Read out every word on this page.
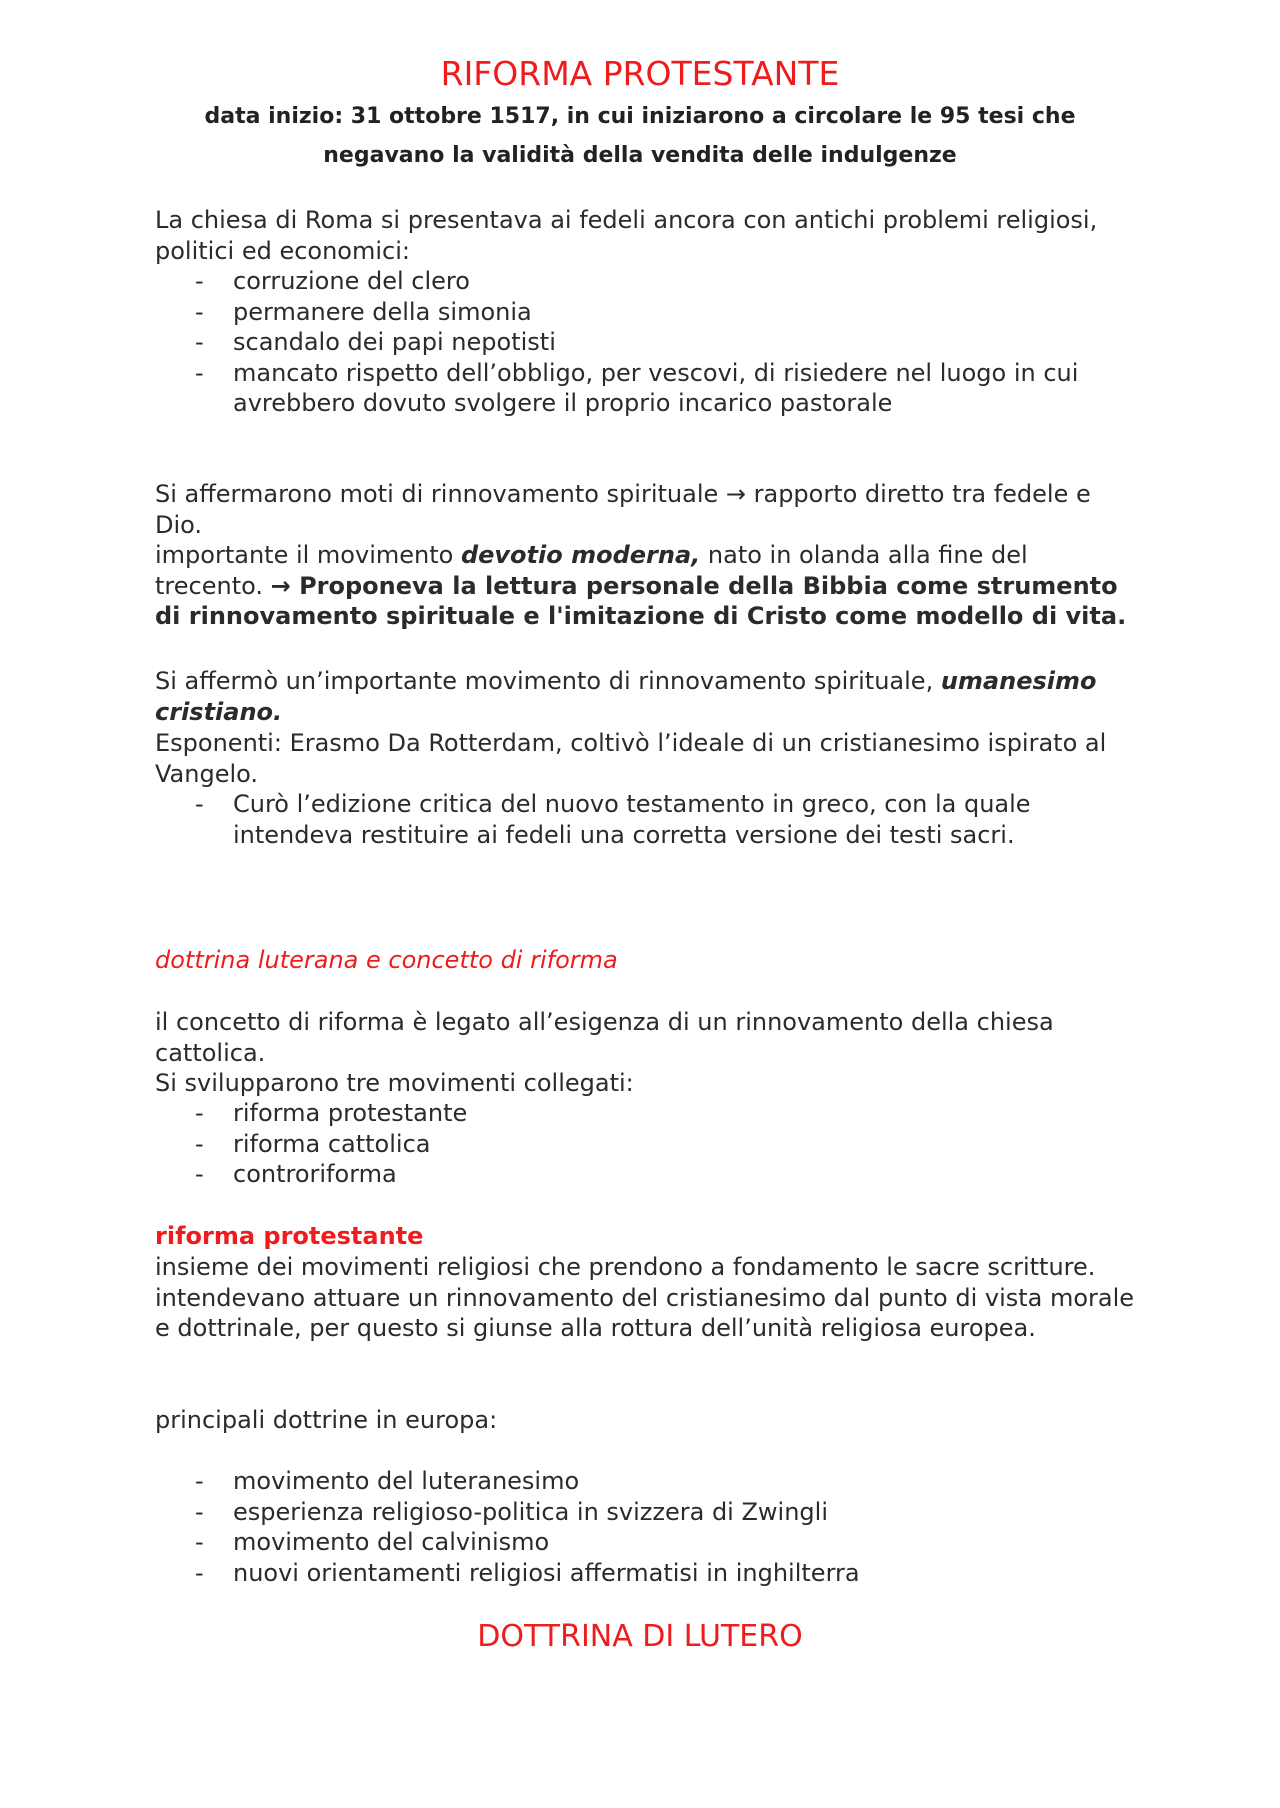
RIFORMA PROTESTANTE

data inizio: 31 ottobre 1517, in cui iniziarono a circolare le 95 tesi che negavano la validità della vendita delle indulgenze

La chiesa di Roma si presentava ai fedeli ancora con antichi problemi religiosi, politici ed economici:

- corruzione del clero
- permanere della simonia
- scandalo dei papi nepotisti
- mancato rispetto dell’obbligo, per vescovi, di risiedere nel luogo in cui avrebbero dovuto svolgere il proprio incarico pastorale

Si affermarono moti di rinnovamento spirituale → rapporto diretto tra fedele e Dio.

importante il movimento devotio moderna, nato in olanda alla fine del trecento. → Proponeva la lettura personale della Bibbia come strumento di rinnovamento spirituale e l'imitazione di Cristo come modello di vita.

Si affermò un’importante movimento di rinnovamento spirituale, umanesimo cristiano.

Esponenti: Erasmo Da Rotterdam, coltivò l’ideale di un cristianesimo ispirato al Vangelo.

- Curò l’edizione critica del nuovo testamento in greco, con la quale intendeva restituire ai fedeli una corretta versione dei testi sacri.

dottrina luterana e concetto di riforma

il concetto di riforma è legato all’esigenza di un rinnovamento della chiesa cattolica.

Si svilupparono tre movimenti collegati:

- riforma protestante
- riforma cattolica
- controriforma

riforma protestante

insieme dei movimenti religiosi che prendono a fondamento le sacre scritture. intendevano attuare un rinnovamento del cristianesimo dal punto di vista morale e dottrinale, per questo si giunse alla rottura dell’unità religiosa europea.

principali dottrine in europa:

- movimento del luteranesimo
- esperienza religioso-politica in svizzera di Zwingli
- movimento del calvinismo
- nuovi orientamenti religiosi affermatisi in inghilterra
DOTTRINA DI LUTERO
